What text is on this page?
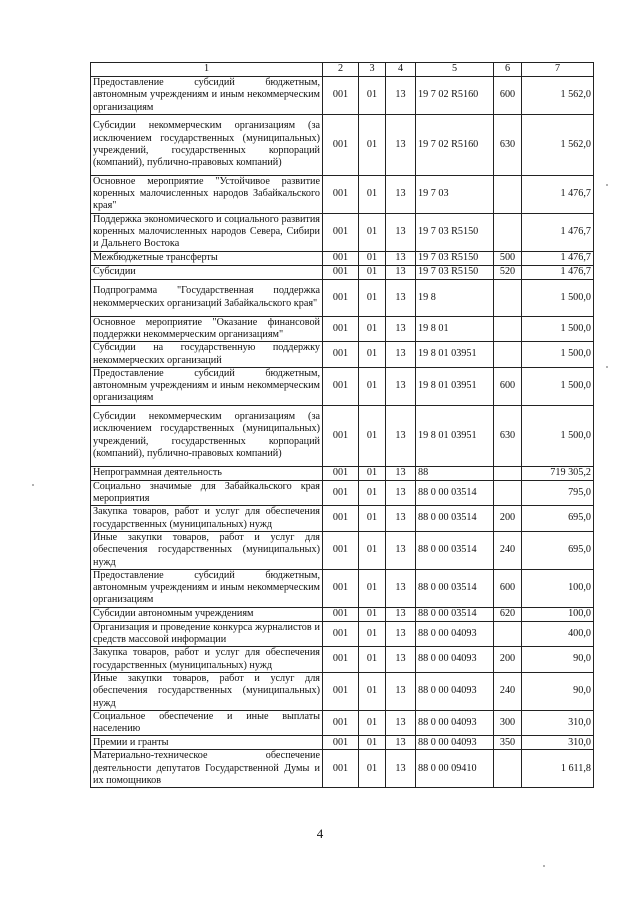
1	2	3	4	5	6	7
Предоставление субсидий бюджетным, автономным учреждениям и иным некоммерческим организациям	001	01	13	19 7 02 R5160	600	1 562,0
Субсидии некоммерческим организациям (за исключением государственных (муниципальных) учреждений, государственных корпораций (компаний), публично-правовых компаний)	001	01	13	19 7 02 R5160	630	1 562,0
Основное мероприятие "Устойчивое развитие коренных малочисленных народов Забайкальского края"	001	01	13	19 7 03		1 476,7
Поддержка экономического и социального развития коренных малочисленных народов Севера, Сибири и Дальнего Востока	001	01	13	19 7 03 R5150		1 476,7
Межбюджетные трансферты	001	01	13	19 7 03 R5150	500	1 476,7
Субсидии	001	01	13	19 7 03 R5150	520	1 476,7
Подпрограмма "Государственная поддержка некоммерческих организаций Забайкальского края"	001	01	13	19 8		1 500,0
Основное мероприятие "Оказание финансовой поддержки некоммерческим организациям"	001	01	13	19 8 01		1 500,0
Субсидии на государственную поддержку некоммерческих организаций	001	01	13	19 8 01 03951		1 500,0
Предоставление субсидий бюджетным, автономным учреждениям и иным некоммерческим организациям	001	01	13	19 8 01 03951	600	1 500,0
Субсидии некоммерческим организациям (за исключением государственных (муниципальных) учреждений, государственных корпораций (компаний), публично-правовых компаний)	001	01	13	19 8 01 03951	630	1 500,0
Непрограммная деятельность	001	01	13	88		719 305,2
Социально значимые для Забайкальского края мероприятия	001	01	13	88 0 00 03514		795,0
Закупка товаров, работ и услуг для обеспечения государственных (муниципальных) нужд	001	01	13	88 0 00 03514	200	695,0
Иные закупки товаров, работ и услуг для обеспечения государственных (муниципальных) нужд	001	01	13	88 0 00 03514	240	695,0
Предоставление субсидий бюджетным, автономным учреждениям и иным некоммерческим организациям	001	01	13	88 0 00 03514	600	100,0
Субсидии автономным учреждениям	001	01	13	88 0 00 03514	620	100,0
Организация и проведение конкурса журналистов и средств массовой информации	001	01	13	88 0 00 04093		400,0
Закупка товаров, работ и услуг для обеспечения государственных (муниципальных) нужд	001	01	13	88 0 00 04093	200	90,0
Иные закупки товаров, работ и услуг для обеспечения государственных (муниципальных) нужд	001	01	13	88 0 00 04093	240	90,0
Социальное обеспечение и иные выплаты населению	001	01	13	88 0 00 04093	300	310,0
Премии и гранты	001	01	13	88 0 00 04093	350	310,0
Материально-техническое обеспечение деятельности депутатов Государственной Думы и их помощников	001	01	13	88 0 00 09410		1 611,8
4
